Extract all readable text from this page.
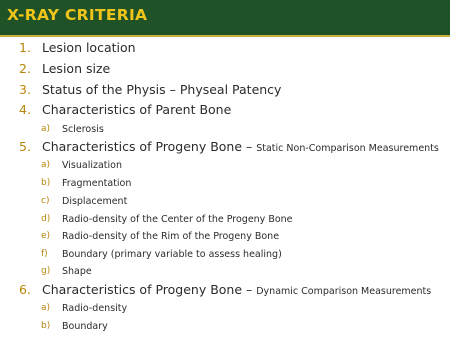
X-RAY CRITERIA
1. Lesion location
2. Lesion size
3. Status of the Physis – Physeal Patency
4. Characteristics of Parent Bone
a) Sclerosis
5. Characteristics of Progeny Bone – Static Non-Comparison Measurements
a) Visualization
b) Fragmentation
c) Displacement
d) Radio-density of the Center of the Progeny Bone
e) Radio-density of the Rim of the Progeny Bone
f) Boundary (primary variable to assess healing)
g) Shape
6. Characteristics of Progeny Bone – Dynamic Comparison Measurements
a) Radio-density
b) Boundary
